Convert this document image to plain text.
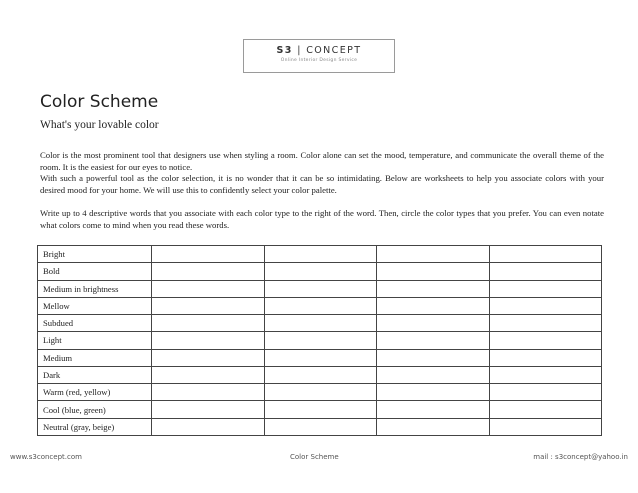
S3 | CONCEPT
Online Interior Design Service
Color Scheme

What's your lovable color

Color is the most prominent tool that designers use when styling a room. Color alone can set the mood, temperature, and communicate the overall theme of the room. It is the easiest for our eyes to notice.

With such a powerful tool as the color selection, it is no wonder that it can be so intimidating. Below are worksheets to help you associate colors with your desired mood for your home. We will use this to confidently select your color palette.

Write up to 4 descriptive words that you associate with each color type to the right of the word. Then, circle the color types that you prefer. You can even notate what colors come to mind when you read these words.

Bright				
Bold				
Medium in brightness				
Mellow				
Subdued				
Light				
Medium				
Dark				
Warm (red, yellow)				
Cool (blue, green)				
Neutral (gray, beige)				

www.s3concept.com	Color Scheme	mail : s3concept@yahoo.in
